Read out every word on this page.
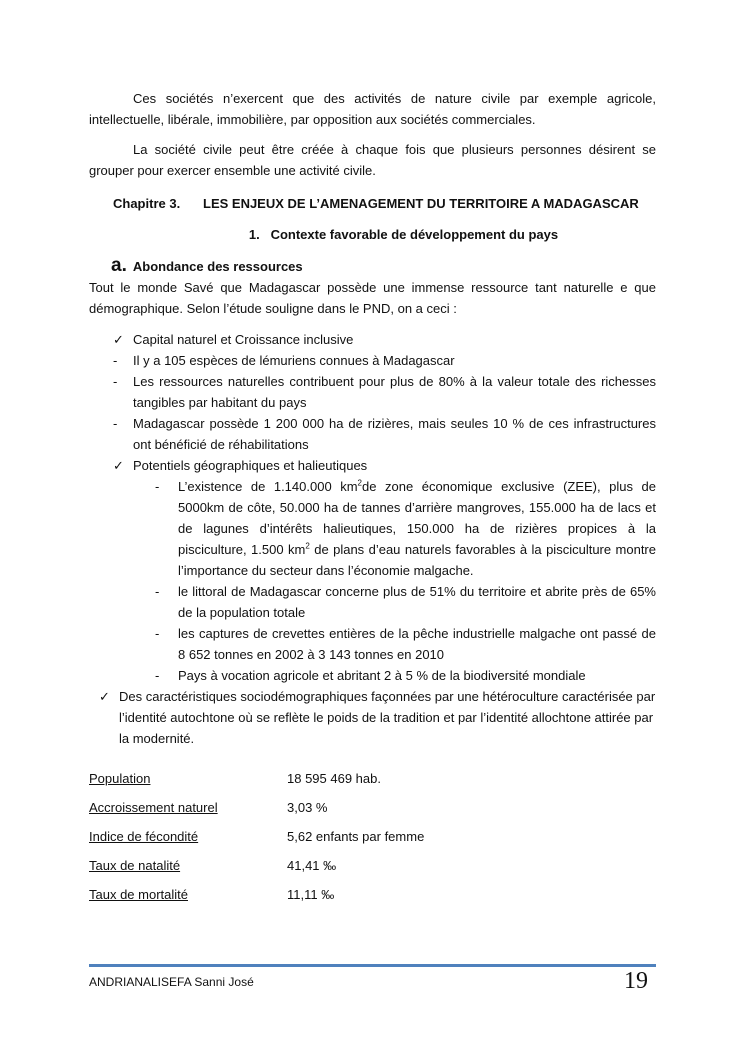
Ces sociétés n’exercent que des activités de nature civile par exemple agricole, intellectuelle, libérale, immobilière, par opposition aux sociétés commerciales.

La société civile peut être créée à chaque fois que plusieurs personnes désirent se grouper pour exercer ensemble une activité civile.

Chapitre 3.	LES ENJEUX DE L’AMENAGEMENT DU TERRITOIRE A MADAGASCAR
1. Contexte favorable de développement du pays
a. Abondance des ressources

Tout le monde Savé que Madagascar possède une immense ressource tant naturelle e que démographique. Selon l’étude souligne dans le PND, on a ceci :

✓ Capital naturel et Croissance inclusive
-	Il y a 105 espèces de lémuriens connues à Madagascar
-	Les ressources naturelles contribuent pour plus de 80% à la valeur totale des richesses tangibles par habitant du pays
-	Madagascar possède 1 200 000 ha de rizières, mais seules 10 % de ces infrastructures ont bénéficié de réhabilitations
✓ Potentiels géographiques et halieutiques
-	L’existence de 1.140.000 $km^2de$ zone économique exclusive (ZEE), plus de 5000km de côte, 50.000 ha de tannes d’arrière mangroves, 155.000 ha de lacs et de lagunes d’intérêts halieutiques, 150.000 ha de rizières propices à la pisciculture, 1.500 $km^2$ de plans d’eau naturels favorables à la pisciculture montre l’importance du secteur dans l’économie malgache.
-	le littoral de Madagascar concerne plus de 51% du territoire et abrite près de 65% de la population totale
-	les captures de crevettes entières de la pêche industrielle malgache ont passé de 8 652 tonnes en 2002 à 3 143 tonnes en 2010
-	Pays à vocation agricole et abritant 2 à 5 % de la biodiversité mondiale
✓ Des caractéristiques sociodémographiques façonnées par une hétéroculture caractérisée par l’identité autochtone où se reflète le poids de la tradition et par l’identité allochtone attirée par la modernité.
Population	18 595 469 hab.
Accroissement naturel	3,03 %
Indice de fécondité	5,62 enfants par femme
Taux de natalité	41,41 ‰
Taux de mortalité	11,11 ‰
ANDRIANALISEFA Sanni José	19
